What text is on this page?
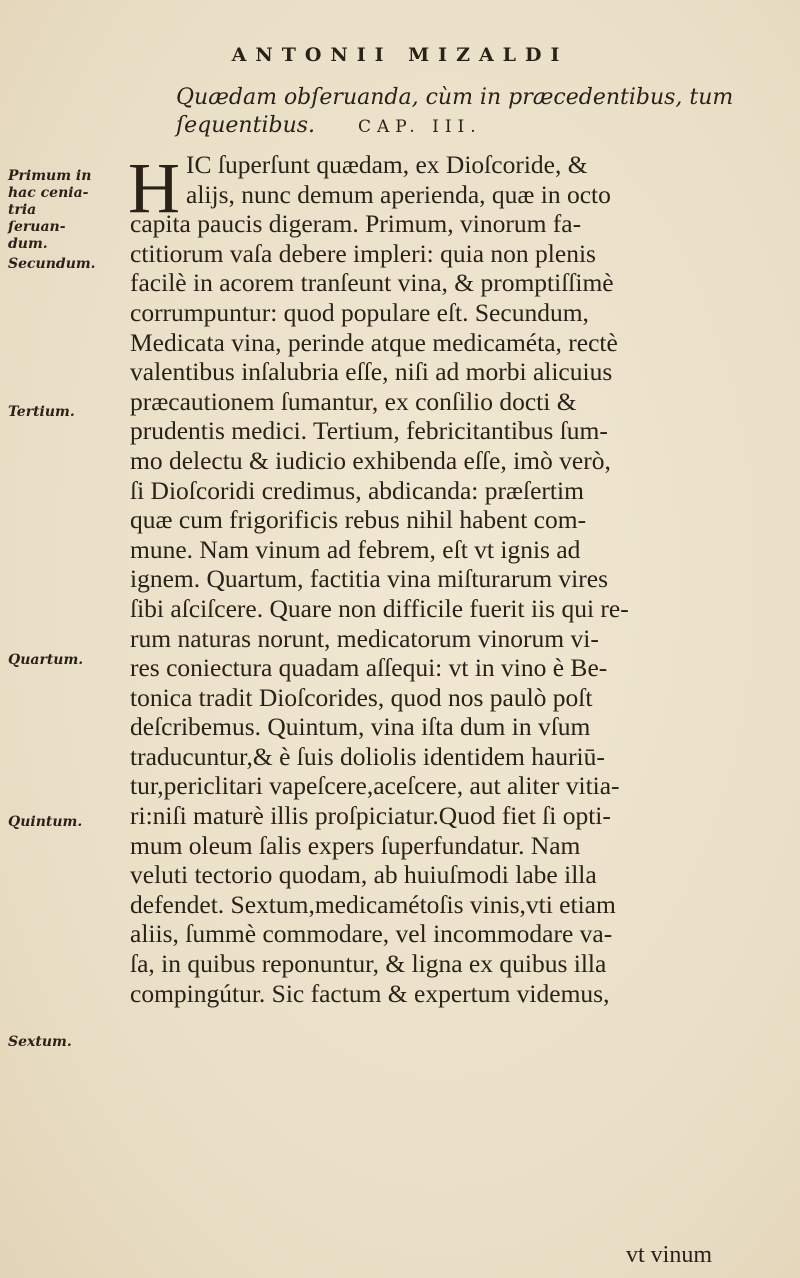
ANTONII MIZALDI
Quædam obſeruanda, cùm in præcedentibus, tum
ſequentibus.	CAP. III.
Primum in hac cenia-tria ſeruan-dum.
Secundum.
Tertium.
Quartum.
Quintum.
Sextum.
H IC ſuperſunt quædam, ex Dioſcoride, &
alijs, nunc demum aperienda, quæ in octo
capita paucis digeram. Primum, vinorum fa-
ctitiorum vaſa debere impleri: quia non plenis
facilè in acorem tranſeunt vina, & promptiſſimè
corrumpuntur: quod populare eſt. Secundum,
Medicata vina, perinde atque medicaméta, rectè
valentibus inſalubria eſſe, niſi ad morbi alicuius
præcautionem ſumantur, ex conſilio docti &
prudentis medici. Tertium, febricitantibus ſum-
mo delectu & iudicio exhibenda eſſe, imò verò,
ſi Dioſcoridi credimus, abdicanda: præſertim
quæ cum frigorificis rebus nihil habent com-
mune. Nam vinum ad febrem, eſt vt ignis ad
ignem. Quartum, factitia vina miſturarum vires
ſibi aſciſcere. Quare non difficile fuerit iis qui re-
rum naturas norunt, medicatorum vinorum vi-
res coniectura quadam aſſequi: vt in vino è Be-
tonica tradit Dioſcorides, quod nos paulò poſt
deſcribemus. Quintum, vina iſta dum in vſum
traducuntur,& è ſuis doliolis identidem hauriū-
tur,periclitari vapeſcere,aceſcere, aut aliter vitia-
ri:niſi maturè illis proſpiciatur.Quod fiet ſi opti-
mum oleum ſalis expers ſuperfundatur. Nam
veluti tectorio quodam, ab huiuſmodi labe illa
defendet. Sextum,medicamétoſis vinis,vti etiam
aliis, ſummè commodare, vel incommodare va-
ſa, in quibus reponuntur, & ligna ex quibus illa
compingútur. Sic factum & expertum videmus,
vt vinum
